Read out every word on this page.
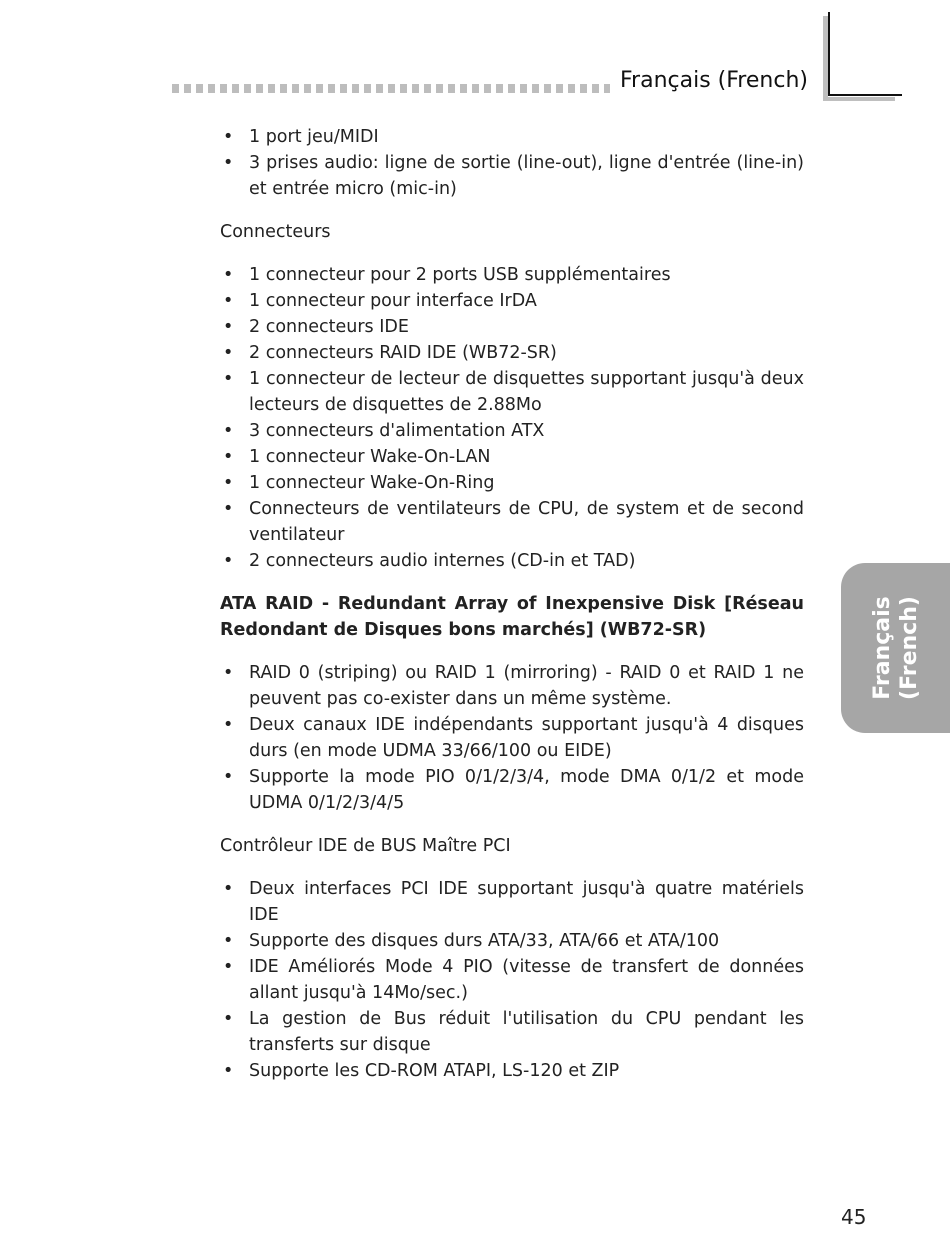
Français (French)
• 1 port jeu/MIDI
• 3 prises audio: ligne de sortie (line-out), ligne d'entrée (line-in) et entrée micro (mic-in)
Connecteurs
• 1 connecteur pour 2 ports USB supplémentaires
• 1 connecteur pour interface IrDA
• 2 connecteurs IDE
• 2 connecteurs RAID IDE (WB72-SR)
• 1 connecteur de lecteur de disquettes supportant jusqu'à deux lecteurs de disquettes de 2.88Mo
• 3 connecteurs d'alimentation ATX
• 1 connecteur Wake-On-LAN
• 1 connecteur Wake-On-Ring
• Connecteurs de ventilateurs de CPU, de system et de second ventilateur
• 2 connecteurs audio internes (CD-in et TAD)
ATA RAID - Redundant Array of Inexpensive Disk [Réseau Redondant de Disques bons marchés] (WB72-SR)
• RAID 0 (striping) ou RAID 1 (mirroring) - RAID 0 et RAID 1 ne peuvent pas co-exister dans un même système.
• Deux canaux IDE indépendants supportant jusqu'à 4 disques durs (en mode UDMA 33/66/100 ou EIDE)
• Supporte la mode PIO 0/1/2/3/4, mode DMA 0/1/2 et mode UDMA 0/1/2/3/4/5
Contrôleur IDE de BUS Maître PCI
• Deux interfaces PCI IDE supportant jusqu'à quatre matériels IDE
• Supporte des disques durs ATA/33, ATA/66 et ATA/100
• IDE Améliorés Mode 4 PIO (vitesse de transfert de données allant jusqu'à 14Mo/sec.)
• La gestion de Bus réduit l'utilisation du CPU pendant les transferts sur disque
• Supporte les CD-ROM ATAPI, LS-120 et ZIP
Français (French)
45
